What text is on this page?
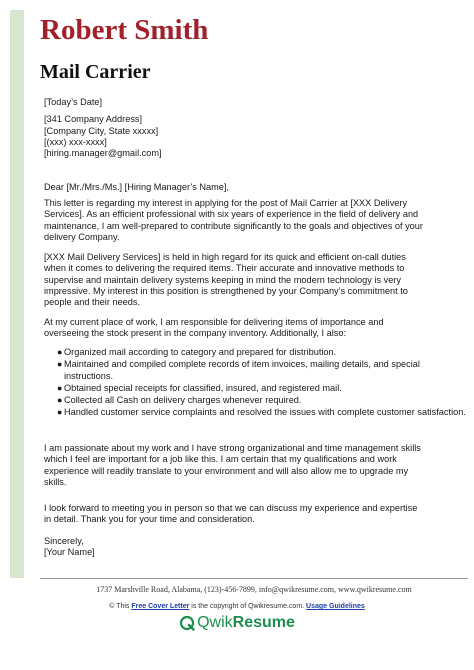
Robert Smith
Mail Carrier
[Today’s Date]
[341 Company Address]
[Company City, State xxxxx]
[(xxx) xxx-xxxx]
[hiring.manager@gmail.com]
Dear [Mr./Mrs./Ms.] [Hiring Manager’s Name],
This letter is regarding my interest in applying for the post of Mail Carrier at [XXX Delivery
Services]. As an efficient professional with six years of experience in the field of delivery and
maintenance, I am well-prepared to contribute significantly to the goals and objectives of your
delivery Company.
[XXX Mail Delivery Services] is held in high regard for its quick and efficient on-call duties
when it comes to delivering the required items. Their accurate and innovative methods to
supervise and maintain delivery systems keeping in mind the modern technology is very
impressive. My interest in this position is strengthened by your Company’s commitment to
people and their needs.
At my current place of work, I am responsible for delivering items of importance and
overseeing the stock present in the company inventory. Additionally, I also:
● Organized mail according to category and prepared for distribution.
● Maintained and compiled complete records of item invoices, mailing details, and special instructions.
● Obtained special receipts for classified, insured, and registered mail.
● Collected all Cash on delivery charges whenever required.
● Handled customer service complaints and resolved the issues with complete customer satisfaction.
I am passionate about my work and I have strong organizational and time management skills
which I feel are important for a job like this. I am certain that my qualifications and work
experience will readily translate to your environment and will also allow me to upgrade my
skills.
I look forward to meeting you in person so that we can discuss my experience and expertise
in detail. Thank you for your time and consideration.
Sincerely,
[Your Name]
1737 Marshville Road, Alabama, (123)-456-7899, info@qwikresume.com, www.qwikresume.com
© This Free Cover Letter is the copyright of Qwikresume.com. Usage Guidelines
QwikResume
